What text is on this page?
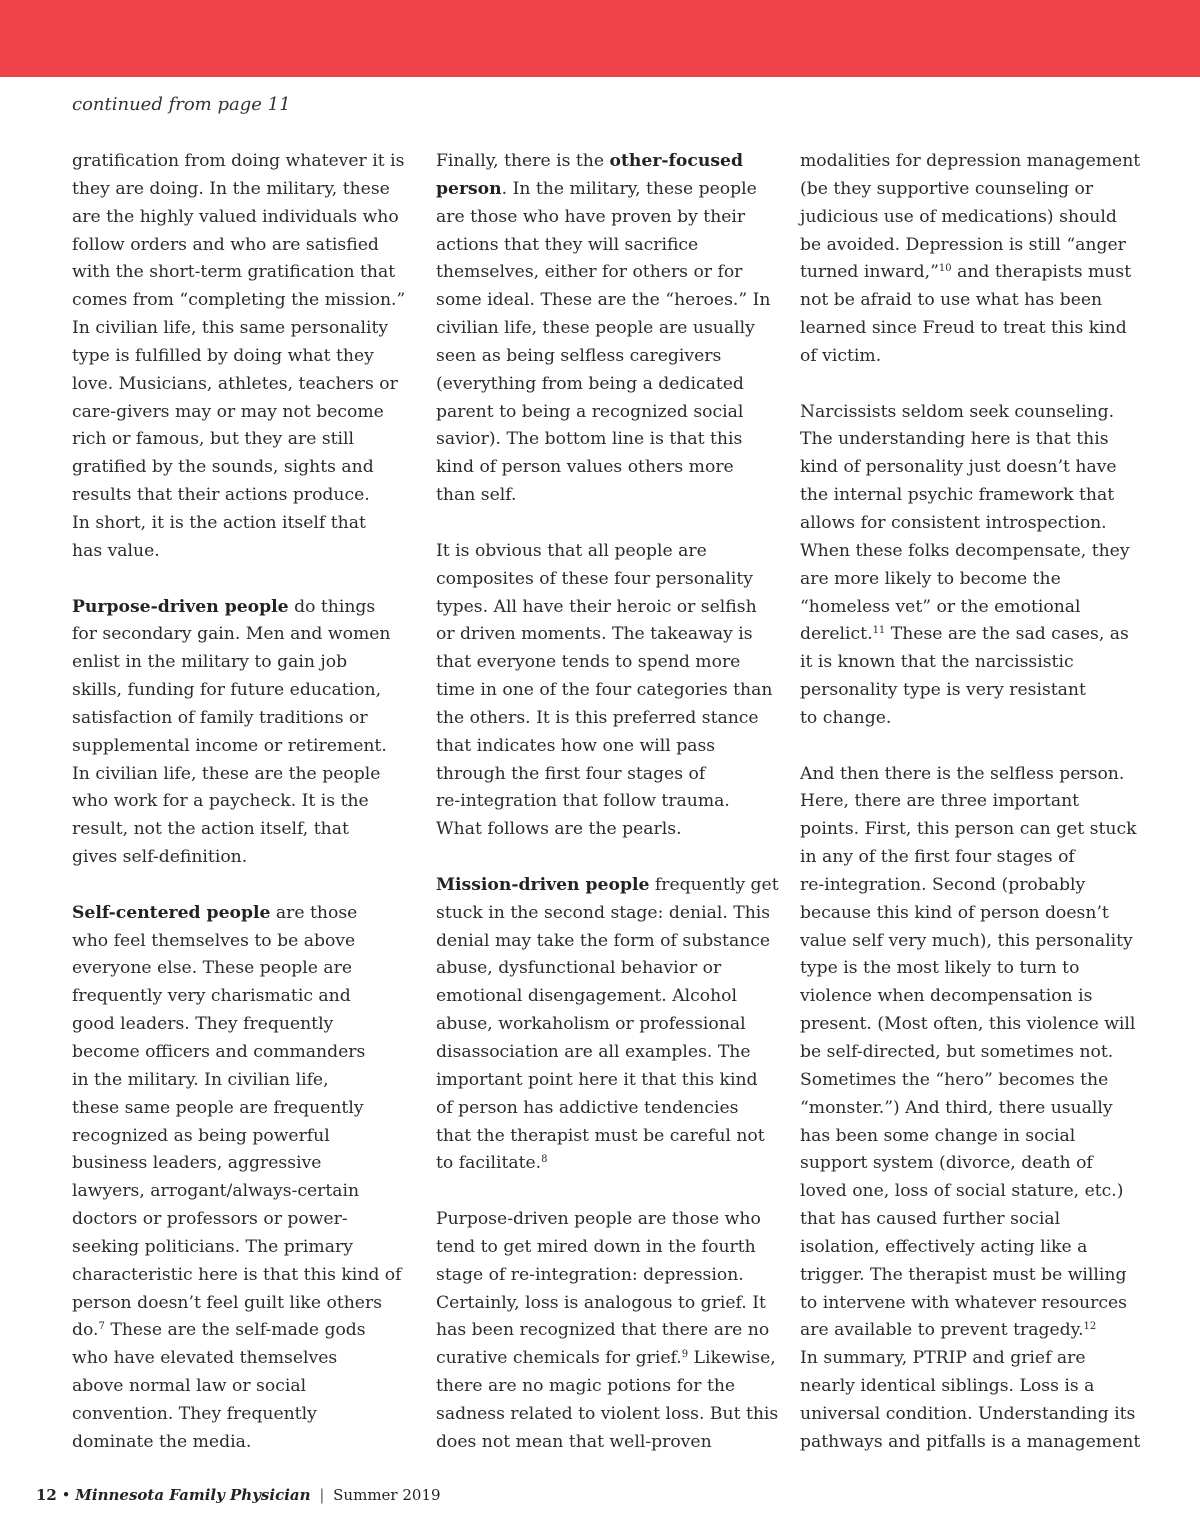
continued from page 11

gratification from doing whatever it is
they are doing. In the military, these
are the highly valued individuals who
follow orders and who are satisfied
with the short-term gratification that
comes from “completing the mission.”
In civilian life, this same personality
type is fulfilled by doing what they
love. Musicians, athletes, teachers or
care-givers may or may not become
rich or famous, but they are still
gratified by the sounds, sights and
results that their actions produce.
In short, it is the action itself that
has value.

Purpose-driven people do things
for secondary gain. Men and women
enlist in the military to gain job
skills, funding for future education,
satisfaction of family traditions or
supplemental income or retirement.
In civilian life, these are the people
who work for a paycheck. It is the
result, not the action itself, that
gives self-definition.

Self-centered people are those
who feel themselves to be above
everyone else. These people are
frequently very charismatic and
good leaders. They frequently
become officers and commanders
in the military. In civilian life,
these same people are frequently
recognized as being powerful
business leaders, aggressive
lawyers, arrogant/always-certain
doctors or professors or power-
seeking politicians. The primary
characteristic here is that this kind of
person doesn’t feel guilt like others
do.$^7$ These are the self-made gods
who have elevated themselves
above normal law or social
convention. They frequently
dominate the media.

Finally, there is the other-focused
person. In the military, these people
are those who have proven by their
actions that they will sacrifice
themselves, either for others or for
some ideal. These are the “heroes.” In
civilian life, these people are usually
seen as being selfless caregivers
(everything from being a dedicated
parent to being a recognized social
savior). The bottom line is that this
kind of person values others more
than self.

It is obvious that all people are
composites of these four personality
types. All have their heroic or selfish
or driven moments. The takeaway is
that everyone tends to spend more
time in one of the four categories than
the others. It is this preferred stance
that indicates how one will pass
through the first four stages of
re-integration that follow trauma.
What follows are the pearls.

Mission-driven people frequently get
stuck in the second stage: denial. This
denial may take the form of substance
abuse, dysfunctional behavior or
emotional disengagement. Alcohol
abuse, workaholism or professional
disassociation are all examples. The
important point here it that this kind
of person has addictive tendencies
that the therapist must be careful not
to facilitate.$^8$

Purpose-driven people are those who
tend to get mired down in the fourth
stage of re-integration: depression.
Certainly, loss is analogous to grief. It
has been recognized that there are no
curative chemicals for grief.$^9$ Likewise,
there are no magic potions for the
sadness related to violent loss. But this
does not mean that well-proven

modalities for depression management
(be they supportive counseling or
judicious use of medications) should
be avoided. Depression is still “anger
turned inward,”$^{10}$ and therapists must
not be afraid to use what has been
learned since Freud to treat this kind
of victim.

Narcissists seldom seek counseling.
The understanding here is that this
kind of personality just doesn’t have
the internal psychic framework that
allows for consistent introspection.
When these folks decompensate, they
are more likely to become the
“homeless vet” or the emotional
derelict.$^{11}$ These are the sad cases, as
it is known that the narcissistic
personality type is very resistant
to change.

And then there is the selfless person.
Here, there are three important
points. First, this person can get stuck
in any of the first four stages of
re-integration. Second (probably
because this kind of person doesn’t
value self very much), this personality
type is the most likely to turn to
violence when decompensation is
present. (Most often, this violence will
be self-directed, but sometimes not.
Sometimes the “hero” becomes the
“monster.”) And third, there usually
has been some change in social
support system (divorce, death of
loved one, loss of social stature, etc.)
that has caused further social
isolation, effectively acting like a
trigger. The therapist must be willing
to intervene with whatever resources
are available to prevent tragedy.$^{12}$

In summary, PTRIP and grief are
nearly identical siblings. Loss is a
universal condition. Understanding its
pathways and pitfalls is a management

12 • Minnesota Family Physician | Summer 2019
